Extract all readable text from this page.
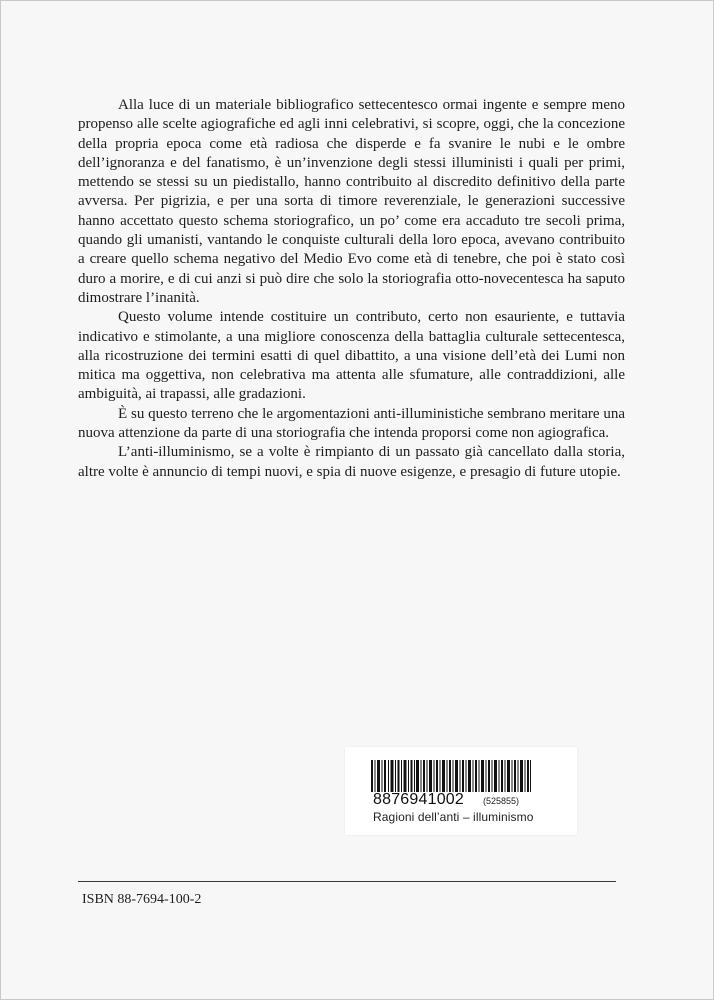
Alla luce di un materiale bibliografico settecentesco ormai ingente e sempre meno propenso alle scelte agiografiche ed agli inni celebrativi, si scopre, oggi, che la concezione della propria epoca come età radiosa che disperde e fa svanire le nubi e le ombre dell’ignoranza e del fanatismo, è un’invenzione degli stessi illuministi i quali per primi, mettendo se stessi su un piedistallo, hanno contribuito al discredito definitivo della parte avversa. Per pigrizia, e per una sorta di timore reverenziale, le generazioni successive hanno accettato questo schema storiografico, un po’ come era accaduto tre secoli prima, quando gli umanisti, vantando le conquiste culturali della loro epoca, avevano contribuito a creare quello schema negativo del Medio Evo come età di tenebre, che poi è stato così duro a morire, e di cui anzi si può dire che solo la storiografia otto-novecentesca ha saputo dimostrare l’inanità.

Questo volume intende costituire un contributo, certo non esauriente, e tuttavia indicativo e stimolante, a una migliore conoscenza della battaglia culturale settecentesca, alla ricostruzione dei termini esatti di quel dibattito, a una visione dell’età dei Lumi non mitica ma oggettiva, non celebrativa ma attenta alle sfumature, alle contraddizioni, alle ambiguità, ai trapassi, alle gradazioni.

È su questo terreno che le argomentazioni anti-illuministiche sembrano meritare una nuova attenzione da parte di una storiografia che intenda proporsi come non agiografica.

L’anti-illuminismo, se a volte è rimpianto di un passato già cancellato dalla storia, altre volte è annuncio di tempi nuovi, e spia di nuove esigenze, e presagio di future utopie.

8876941002 (525855)
Ragioni dell’anti – illuminismo
ISBN 88-7694-100-2
